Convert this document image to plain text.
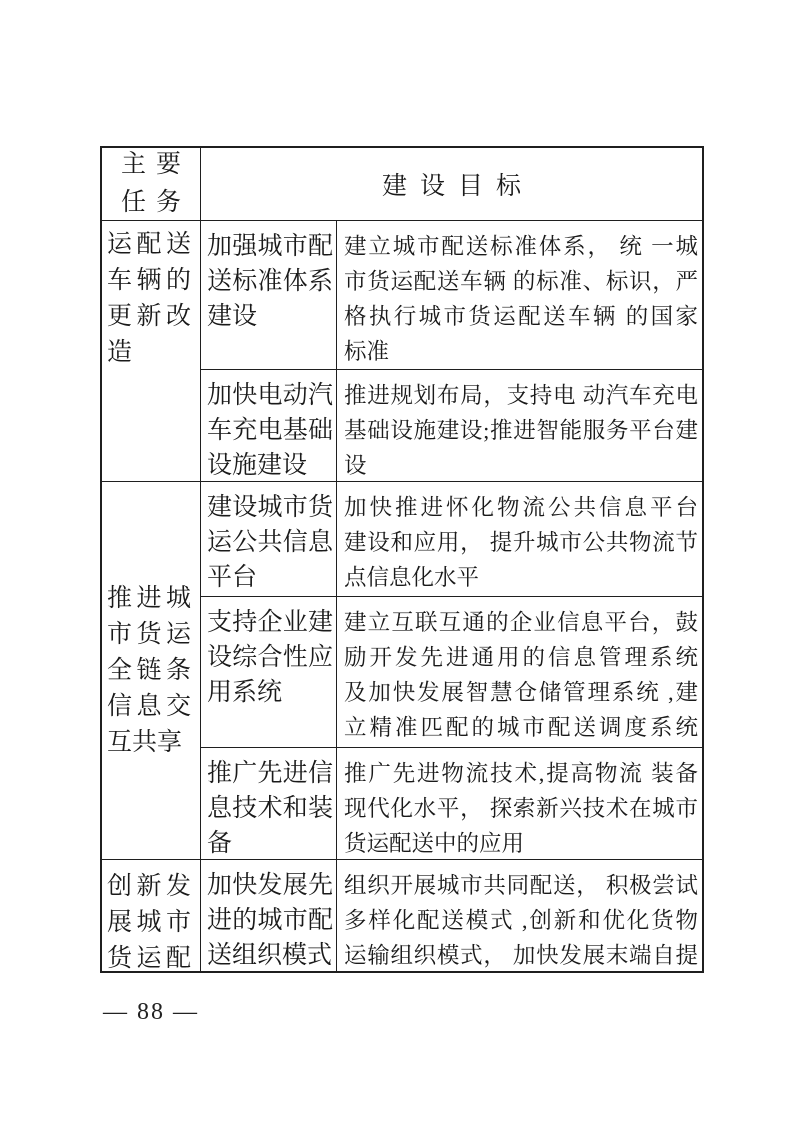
主要
任务
建设目标
运配送
车辆的
更新改
造
加强城市配
送标准体系
建设
建立城市配送标准体系， 统 一城
市货运配送车辆 的标准、标识，严
格执行城市货运配送车辆 的国家
标准
加快电动汽
车充电基础
设施建设
推进规划布局，支持电 动汽车充电
基础设施建设;推进智能服务平台建
设
推进城
市货运
全链条
信息交
互共享
建设城市货
运公共信息
平台
加快推进怀化物流公共信息平台
建设和应用， 提升城市公共物流节
点信息化水平
支持企业建
设综合性应
用系统
建立互联互通的企业信息平台，鼓
励开发先进通用的信息管理系统
及加快发展智慧仓储管理系统 ,建
立精准匹配的城市配送调度系统
推广先进信
息技术和装
备
推广先进物流技术,提高物流 装备
现代化水平， 探索新兴技术在城市
货运配送中的应用
创新发
展城市
货运配
加快发展先
进的城市配
送组织模式
组织开展城市共同配送， 积极尝试
多样化配送模式 ,创新和优化货物
运输组织模式， 加快发展末端自提
— 88 —
